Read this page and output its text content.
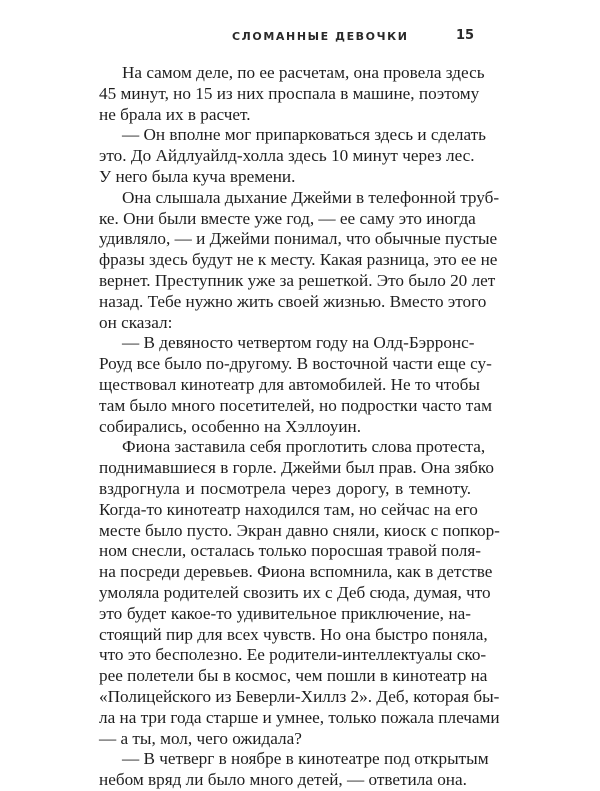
СЛОМАННЫЕ ДЕВОЧКИ	15
На самом деле, по ее расчетам, она провела здесь
45 минут, но 15 из них проспала в машине, поэтому
не брала их в расчет.
— Он вполне мог припарковаться здесь и сделать
это. До Айдлуайлд-холла здесь 10 минут через лес.
У него была куча времени.
Она слышала дыхание Джейми в телефонной труб-
ке. Они были вместе уже год, — ее саму это иногда
удивляло, — и Джейми понимал, что обычные пустые
фразы здесь будут не к месту. Какая разница, это ее не
вернет. Преступник уже за решеткой. Это было 20 лет
назад. Тебе нужно жить своей жизнью. Вместо этого
он сказал:
— В девяносто четвертом году на Олд-Бэрронс-
Роуд все было по-другому. В восточной части еще су-
ществовал кинотеатр для автомобилей. Не то чтобы
там было много посетителей, но подростки часто там
собирались, особенно на Хэллоуин.
Фиона заставила себя проглотить слова протеста,
поднимавшиеся в горле. Джейми был прав. Она зябко
вздрогнула и посмотрела через дорогу, в темноту.
Когда-то кинотеатр находился там, но сейчас на его
месте было пусто. Экран давно сняли, киоск с попкор-
ном снесли, осталась только поросшая травой поля-
на посреди деревьев. Фиона вспомнила, как в детстве
умоляла родителей свозить их с Деб сюда, думая, что
это будет какое-то удивительное приключение, на-
стоящий пир для всех чувств. Но она быстро поняла,
что это бесполезно. Ее родители-интеллектуалы ско-
рее полетели бы в космос, чем пошли в кинотеатр на
«Полицейского из Беверли-Хиллз 2». Деб, которая бы-
ла на три года старше и умнее, только пожала плечами
— а ты, мол, чего ожидала?
— В четверг в ноябре в кинотеатре под открытым
небом вряд ли было много детей, — ответила она.
